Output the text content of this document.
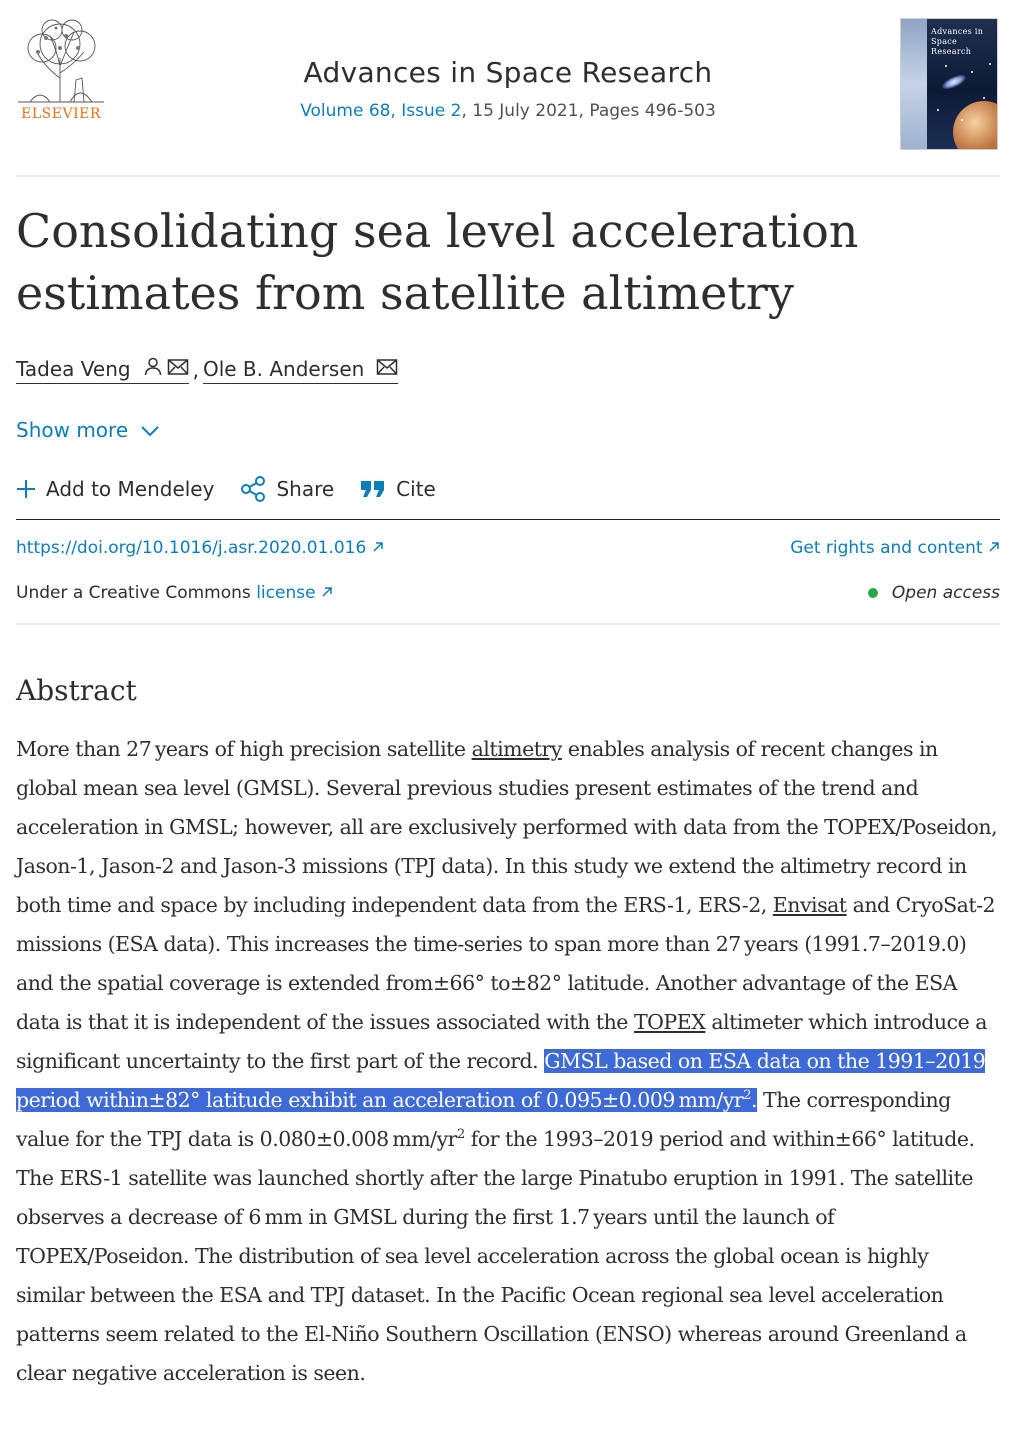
ELSEVIER
Advances in Space Research
Volume 68, Issue 2, 15 July 2021, Pages 496-503
Advances in Space Research
Consolidating sea level acceleration estimates from satellite altimetry
Tadea Veng	, Ole B. Andersen
Show more
Add to Mendeley	Share	Cite
https://doi.org/10.1016/j.asr.2020.01.016	Get rights and content
Under a Creative Commons license	Open access
Abstract
More than 27 years of high precision satellite altimetry enables analysis of recent changes in global mean sea level (GMSL). Several previous studies present estimates of the trend and acceleration in GMSL; however, all are exclusively performed with data from the TOPEX/Poseidon, Jason-1, Jason-2 and Jason-3 missions (TPJ data). In this study we extend the altimetry record in both time and space by including independent data from the ERS-1, ERS-2, Envisat and CryoSat-2 missions (ESA data). This increases the time-series to span more than 27 years (1991.7–2019.0) and the spatial coverage is extended from±66° to±82° latitude. Another advantage of the ESA data is that it is independent of the issues associated with the TOPEX altimeter which introduce a significant uncertainty to the first part of the record. GMSL based on ESA data on the 1991–2019 period within±82° latitude exhibit an acceleration of 0.095±0.009 $mm/yr^2$. The corresponding value for the TPJ data is 0.080±0.008 $mm/yr^2$ for the 1993–2019 period and within±66° latitude. The ERS-1 satellite was launched shortly after the large Pinatubo eruption in 1991. The satellite observes a decrease of 6 mm in GMSL during the first 1.7 years until the launch of TOPEX/Poseidon. The distribution of sea level acceleration across the global ocean is highly similar between the ESA and TPJ dataset. In the Pacific Ocean regional sea level acceleration patterns seem related to the El-Niño Southern Oscillation (ENSO) whereas around Greenland a clear negative acceleration is seen.
